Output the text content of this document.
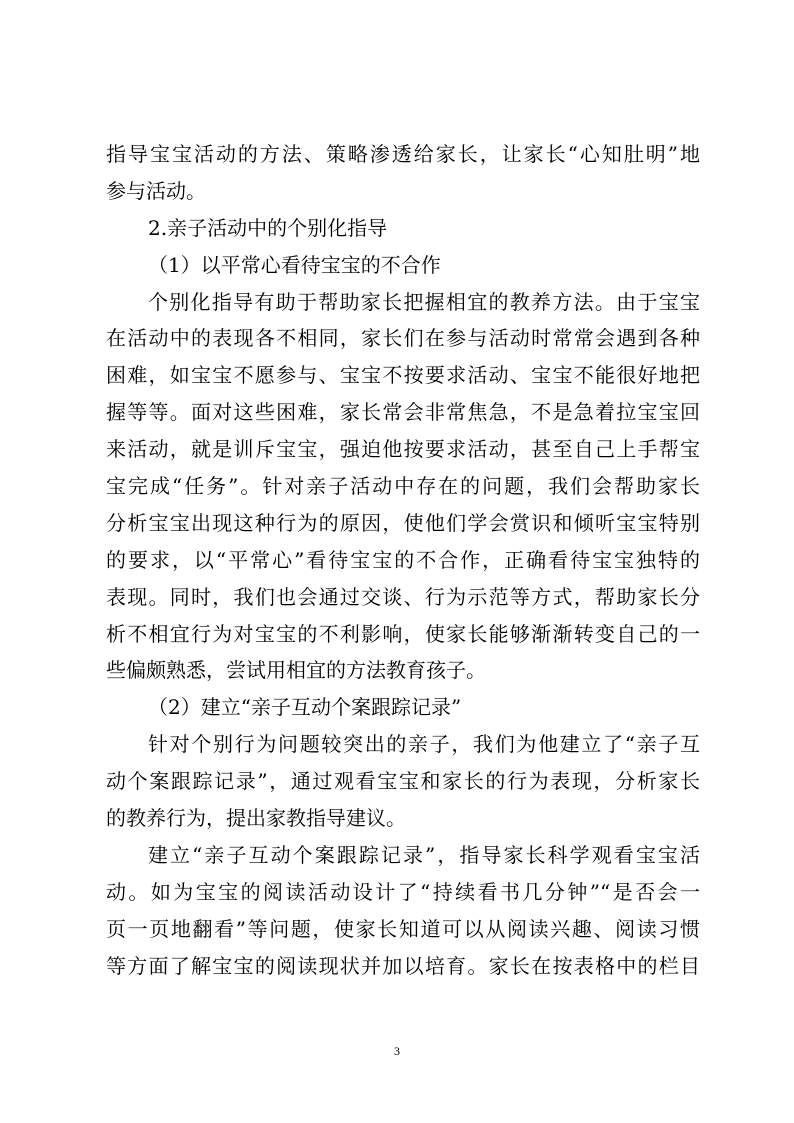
指导宝宝活动的方法、策略渗透给家长，让家长“心知肚明”地
参与活动。
2.亲子活动中的个别化指导
（1）以平常心看待宝宝的不合作
个别化指导有助于帮助家长把握相宜的教养方法。由于宝宝
在活动中的表现各不相同，家长们在参与活动时常常会遇到各种
困难，如宝宝不愿参与、宝宝不按要求活动、宝宝不能很好地把
握等等。面对这些困难，家长常会非常焦急，不是急着拉宝宝回
来活动，就是训斥宝宝，强迫他按要求活动，甚至自己上手帮宝
宝完成“任务”。针对亲子活动中存在的问题，我们会帮助家长
分析宝宝出现这种行为的原因，使他们学会赏识和倾听宝宝特别
的要求，以“平常心”看待宝宝的不合作，正确看待宝宝独特的
表现。同时，我们也会通过交谈、行为示范等方式，帮助家长分
析不相宜行为对宝宝的不利影响，使家长能够渐渐转变自己的一
些偏颇熟悉，尝试用相宜的方法教育孩子。
（2）建立“亲子互动个案跟踪记录”
针对个别行为问题较突出的亲子，我们为他建立了“亲子互
动个案跟踪记录”，通过观看宝宝和家长的行为表现，分析家长
的教养行为，提出家教指导建议。
建立“亲子互动个案跟踪记录”，指导家长科学观看宝宝活
动。如为宝宝的阅读活动设计了“持续看书几分钟”“是否会一
页一页地翻看”等问题，使家长知道可以从阅读兴趣、阅读习惯
等方面了解宝宝的阅读现状并加以培育。家长在按表格中的栏目
3
